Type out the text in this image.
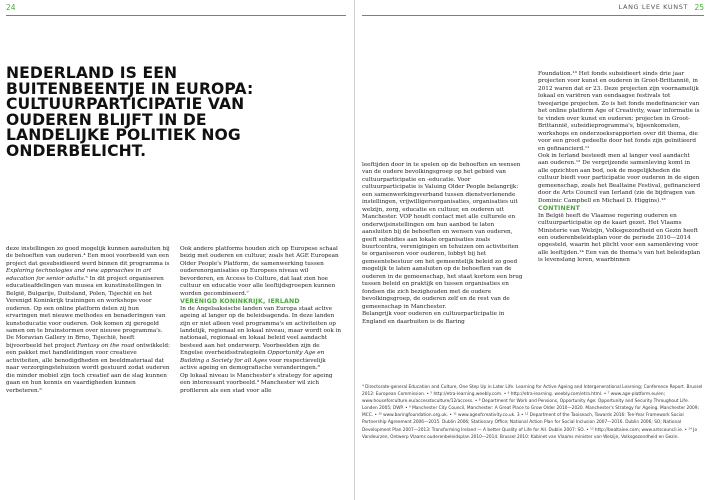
24	LANG LEVE KUNST 25
NEDERLAND IS EEN BUITENBEENTJE IN EUROPA: CULTUURPARTICIPATIE VAN OUDEREN BLIJFT IN DE LANDELIJKE POLITIEK NOG ONDERBELICHT.

deze instellingen zo goed mogelijk kunnen aansluiten bij de behoeften van ouderen.⁴ Een mooi voorbeeld van een project dat gesubsidieerd werd binnen dit programma is Exploring technologies and new approaches in art education for senior adults.⁵ In dit project organiseren educatieafdelingen van musea en kunstinstellingen in België, Bulgarije, Duitsland, Polen, Tsjechië en het Verenigd Koninkrijk trainingen en workshops voor ouderen. Op een online platform delen zij hun ervaringen met nieuwe methodes en benaderingen van kunsteducatie voor ouderen. Ook komen zij geregeld samen om te brainstormen over nieuwe programma's. De Moravian Gallery in Brno, Tsjechië, heeft bijvoorbeeld het project Fantasy on the road ontwikkeld: een pakket met handleidingen voor creatieve activiteiten, alle benodigdheden en beeldmateriaal dat naar verzorgingstehuizen wordt gestuurd zodat ouderen die minder mobiel zijn toch creatief aan de slag kunnen gaan en hun kennis en vaardigheden kunnen verbeteren.⁶

Ook andere platforms houden zich op Europese schaal bezig met ouderen en cultuur, zoals het AGE European Older People's Platform, de samenwerking tussen ouderenorganisaties op Europees niveau wil bevorderen, en Access to Culture, dat laat zien hoe cultuur en educatie voor alle leeftijdsgroepen kunnen worden gecombineerd.⁷

VERENIGD KONINKRIJK, IERLAND

In de Angelsaksische landen van Europa staat active ageing al langer op de beleidsagenda. In deze landen zijn er niet alleen veel programma's en activiteiten op landelijk, regionaal en lokaal niveau, maar wordt ook in nationaal, regionaal en lokaal beleid veel aandacht besteed aan het onderwerp. Voorbeelden zijn de Engelse overheidsstrategieën Opportunity Age en Building a Society for all Ages voor respectievelijk active ageing en demografische veranderingen.⁸

Op lokaal niveau is Manchester's strategy for ageing een interessant voorbeeld.⁹ Manchester wil zich profileren als een stad voor alle

leeftijden door in te spelen op de behoeften en wensen van de oudere bevolkingsgroep op het gebied van cultuurparticipatie en -educatie. Voor cultuurparticipatie is Valuing Older People belangrijk: een samenwerkingsverband tussen dienstverlenende instellingen, vrijwilligersorganisaties, organisaties uit welzijn, zorg, educatie en cultuur, en ouderen uit Manchester. VOP houdt contact met alle culturele en onderwijsinstellingen om hun aanbod te laten aansluiten bij de behoeften en wensen van ouderen, geeft subsidies aan lokale organisaties zoals buurtcentra, verenigingen en tehuizen om activiteiten te organiseren voor ouderen, lobbyt bij het gemeentebestuur om het gemeentelijk beleid zo goed mogelijk te laten aansluiten op de behoeften van de ouderen in de gemeenschap, het staat kortom een brug tussen beleid en praktijk en tussen organisaties en fondsen die zich bezighouden met de oudere bevolkingsgroep, de ouderen zelf en de rest van de gemeenschap in Manchester.

Belangrijk voor ouderen en cultuurparticipatie in England en daarbuiten is de Baring

Foundation.¹⁰ Het fonds subsidieert sinds drie jaar projecten voor kunst en ouderen in Groot-Brittannië, in 2012 waren dat er 23. Deze projecten zijn voornamelijk lokaal en variëren van eendaagse festivals tot tweejarige projecten. Zo is het fonds medefinancier van het online platform Age of Creativity, waar informatie is te vinden over kunst en ouderen: projecten in Groot-Brittannië, subsidieprogramma's, bijeenkomsten, workshops en onderzoeksrapporten over dit thema, die voor een groot gedeelte door het fonds zijn geïnitieerd en gefinancierd.¹¹

Ook in Ierland besteedt men al langer veel aandacht aan ouderen.¹² De vergrijzende samenleving komt in alle opzichten aan bod, ook de mogelijkheden die cultuur biedt voor participatie voor ouderen in de eigen gemeenschap, zoals het Bealtaine Festival, gefinancierd door de Arts Council van Ierland (zie de bijdragen van Dominic Campbell en Michael D. Higgins).¹³

CONTINENT

In België heeft de Vlaamse regering ouderen en cultuurparticipatie op de kaart gezet. Het Vlaams Ministerie van Welzijn, Volksgezondheid en Gezin heeft een ouderenbeleidsplan voor de periode 2010—2014 opgesteld, waarin het plicht voor een samenleving voor alle leeftijden.¹⁴ Een van de thema's van het beleidsplan is levenslang leren, waarbinnen

⁴ Directorate-general Education and Culture, One Step Up in Later Life. Learning for Active Ageing and Intergenerational Learning; Conference Report. Brussel 2012: European Commission. • ⁵ http://etra-learning.weebly.com. • ⁶ http://etra-learning. weebly.com/etra.html. • ⁷ www.age-platform.eu/en; www.houseforculture.eu/accesstoculture/12/access. • ⁸ Department for Work and Pensions, Opportunity Age: Opportunity and Security Throughout Life. Londen 2005; DWP. • ⁹ Manchester City Council, Manchester: A Great Place to Grow Older 2010—2020. Manchester's Strategy for Ageing. Manchester 2009; MCC. • ¹⁰ www.baringfoundation.org.uk. • ¹¹ www.ageofcreativity.co.uk. 3 • ¹² Department of the Taoiseach, Towards 2016: Ten-Year Framework Social Partnership Agreement 2006—2015. Dublin 2006; Stationary Office; National Action Plan for Social Inclusion 2007—2016. Dublin 2006; SO; National Development Plan 2007—2013: Transforming Ireland — A better Quality of Life for All. Dublin 2007: SO. • ¹³ http://bealtaine.com; www.artscouncil.ie. • ¹⁴ Jo Vandeurzen, Ontwerp Vlaams ouderenbeleidsplan 2010—2014. Brussel 2010: Kabinet van Vlaams minister van Welzijn, Volksgezondheid en Gezin.
